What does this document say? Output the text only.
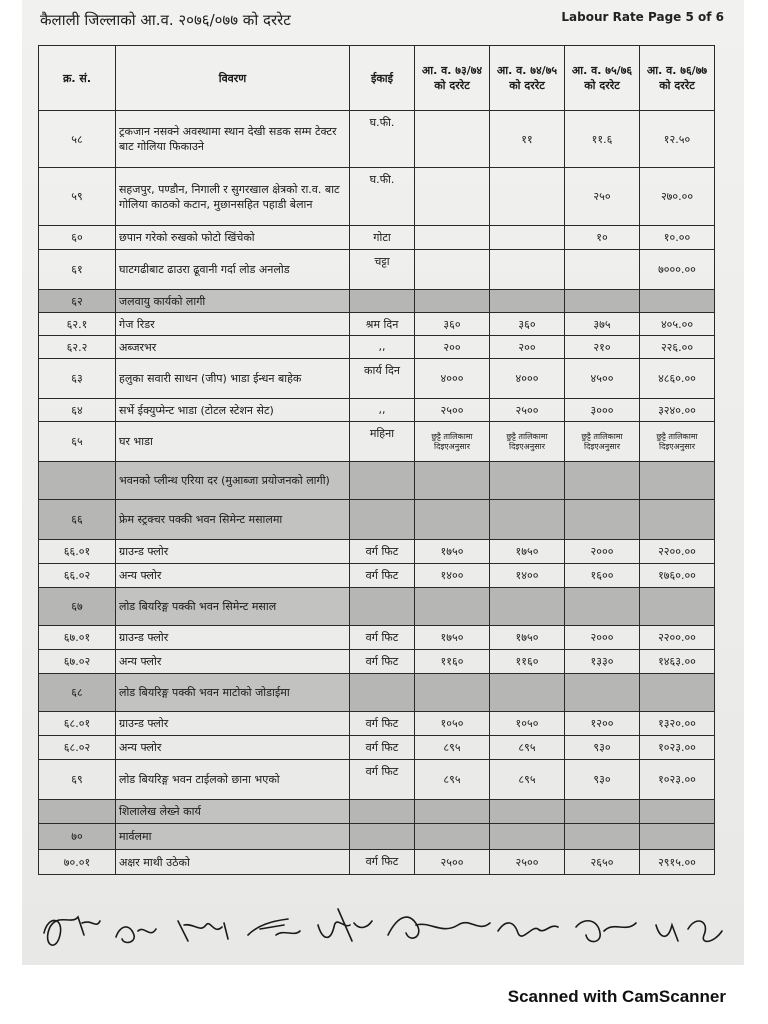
कैलाली जिल्लाको आ.व. २०७६/०७७ को दररेट	Labour Rate Page 5 of 6
क्र. सं.	विवरण	ईकाई	आ. व. ७३/७४ को दररेट	आ. व. ७४/७५ को दररेट	आ. व. ७५/७६ को दररेट	आ. व. ७६/७७ को दररेट
५८	ट्रकजान नसक्ने अवस्थामा स्थान देखी सडक सम्म टेक्टर बाट गोलिया फिकाउने	घ.फी.		११	११.६	१२.५०
५९	सहजपुर, पण्डौन, निगाली र सुगरखाल क्षेत्रको रा.व. बाट गोलिया काठको कटान, मुछानसहित पहाडी बेलान	घ.फी.			२५०	२७०.००
६०	छपान गरेको रुखको फोटो खिंचेको	गोटा			१०	१०.००
६१	घाटगढीबाट ढाउरा ढूवानी गर्दा लोड अनलोड	चट्टा				७०००.००
६२	जलवायु कार्यको लागी					
६२.१	गेज रिडर	श्रम दिन	३६०	३६०	३७५	४०५.००
६२.२	अब्जरभर	,,	२००	२००	२१०	२२६.००
६३	हलुका सवारी साधन (जीप) भाडा ईन्धन बाहेक	कार्य दिन	४०००	४०००	४५००	४८६०.००
६४	सर्भे ईक्युप्मेन्ट भाडा (टोटल स्टेशन सेट)	,,	२५००	२५००	३०००	३२४०.००
६५	घर भाडा	महिना	छुट्टै तालिकामा दिइएअनुसार	छुट्टै तालिकामा दिइएअनुसार	छुट्टै तालिकामा दिइएअनुसार	छुट्टै तालिकामा दिइएअनुसार
	भवनको प्लीन्थ एरिया दर (मुआब्जा प्रयोजनको लागी)					
६६	फ्रेम स्ट्रक्चर पक्की भवन सिमेन्ट मसालमा					
६६.०१	ग्राउन्ड फ्लोर	वर्ग फिट	१७५०	१७५०	२०००	२२००.००
६६.०२	अन्य फ्लोर	वर्ग फिट	१४००	१४००	१६००	१७६०.००
६७	लोड बियरिङ्ग पक्की भवन सिमेन्ट मसाल					
६७.०१	ग्राउन्ड फ्लोर	वर्ग फिट	१७५०	१७५०	२०००	२२००.००
६७.०२	अन्य फ्लोर	वर्ग फिट	११६०	११६०	१३३०	१४६३.००
६८	लोड बियरिङ्ग पक्की भवन माटोको जोडाईमा					
६८.०१	ग्राउन्ड फ्लोर	वर्ग फिट	१०५०	१०५०	१२००	१३२०.००
६८.०२	अन्य फ्लोर	वर्ग फिट	८९५	८९५	९३०	१०२३.००
६९	लोड बियरिङ्ग भवन टाईलको छाना भएको	वर्ग फिट	८९५	८९५	९३०	१०२३.००
	शिलालेख लेख्ने कार्य					
७०	मार्वलमा					
७०.०१	अक्षर माथी उठेको	वर्ग फिट	२५००	२५००	२६५०	२९१५.००
Scanned with CamScanner
